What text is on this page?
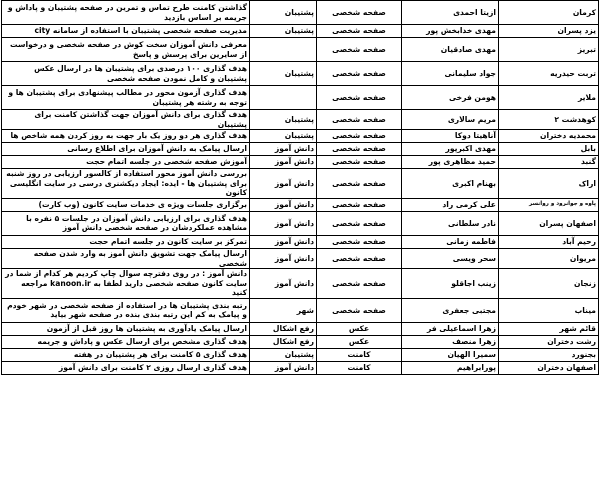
کرمان	ازیتا احمدی	صفحه شخصی	پشتیبان	گذاشتن کامنت طرح تماس و تمرین در صفحه پشتیبان و پاداش و جریمه بر اساس بازدید
یزد پسران	مهدی خدابخش پور	صفحه شخصی	پشتیبان	مدیریت صفحه شخصی پشتیبان با استفاده از سامانه city
تبریز	مهدی صادقیان	صفحه شخصی		معرفی دانش آموزان سخت کوش در صفحه شخصی و درخواست از سایرین برای پرسش و پاسخ
تربت حیدریه	جواد سلیمانی	صفحه شخصی	پشتیبان	هدف گذاری ۱۰۰ درصدی برای پشتیبان ها در ارسال عکس پشتیبان و کامل نمودن صفحه شخصی
ملایر	هومن فرخی	صفحه شخصی		هدف گذاری آزمون محور در مطالب پیشنهادی برای پشتیبان ها و توجه به رشته هر پشتیبان
کوهدشت ۲	مریم سالاری	صفحه شخصی	پشتیبان	هدف گذاری برای دانش آموزان جهت گذاشتن کامنت برای پشتیبان
محمدیه دختران	آناهیتا دوکا	صفحه شخصی	پشتیبان	هدف گذاری هر دو روز یک بار جهت به روز کردن همه شاخص ها
بابل	مهدی اکبرپور	صفحه شخصی	دانش آموز	ارسال پیامک به دانش آموزان برای اطلاع رسانی
گنبد	حمید مظاهری پور	صفحه شخصی	دانش آموز	آموزش صفحه شخصی در جلسه اتمام حجت
اراک	بهنام اکبری	صفحه شخصی	دانش آموز	بررسی دانش آموز محور استفاده از کالسور ارزیابی در روز شنبه برای پشتیبان ها - ایده: ایجاد دیکشنری درسی در سایت انگلیسی کانون
پاوه و جوانرود و روانسر	علی کرمی راد	صفحه شخصی	دانش آموز	برگزاری جلسات ویژه ی خدمات سایت کانون (وب کارت)
اصفهان پسران	نادر سلطانی	صفحه شخصی	دانش آموز	هدف گذاری برای ارزیابی دانش آموزان در جلسات ۵ نفره با مشاهده عملکردشان در صفحه شخصی دانش آموز
رحیم آباد	فاطمه زمانی	صفحه شخصی	دانش آموز	تمرکز بر سایت کانون در جلسه اتمام حجت
مریوان	سحر ویسی	صفحه شخصی	دانش آموز	ارسال پیامک جهت تشویق دانش آموز به وارد شدن صفحه شخصی
زنجان	زینب اجاقلو	صفحه شخصی	دانش آموز	دانش آموز : در روی دفترچه سوال چاپ کردیم هر کدام از شما در سایت کانون صفحه شخصی دارید لطفا به kanoon.ir مراجعه کنید
میناب	مجتبی جعفری	صفحه شخصی	شهر	رتبه بندی پشتیبان ها در استفاده از صفحه شخصی در شهر خودم و پیامک به کم این رتبه بندی بنده در صفحه شهر بیاید
قائم شهر	زهرا اسماعیلی فر	عکس	رفع اشکال	ارسال پیامک یادآوری به پشتیبان ها روز قبل از آزمون
رشت دختران	زهرا منصف	عکس	رفع اشکال	هدف گذاری مشخص برای ارسال عکس و پاداش و جریمه
بجنورد	سمیرا الهیان	کامنت	پشتیبان	هدف گذاری ۵ کامنت برای هر پشتیبان در هفته
اصفهان دختران	پورابراهیم	کامنت	دانش آموز	هدف گذاری ارسال روزی ۲ کامنت برای دانش آموز
